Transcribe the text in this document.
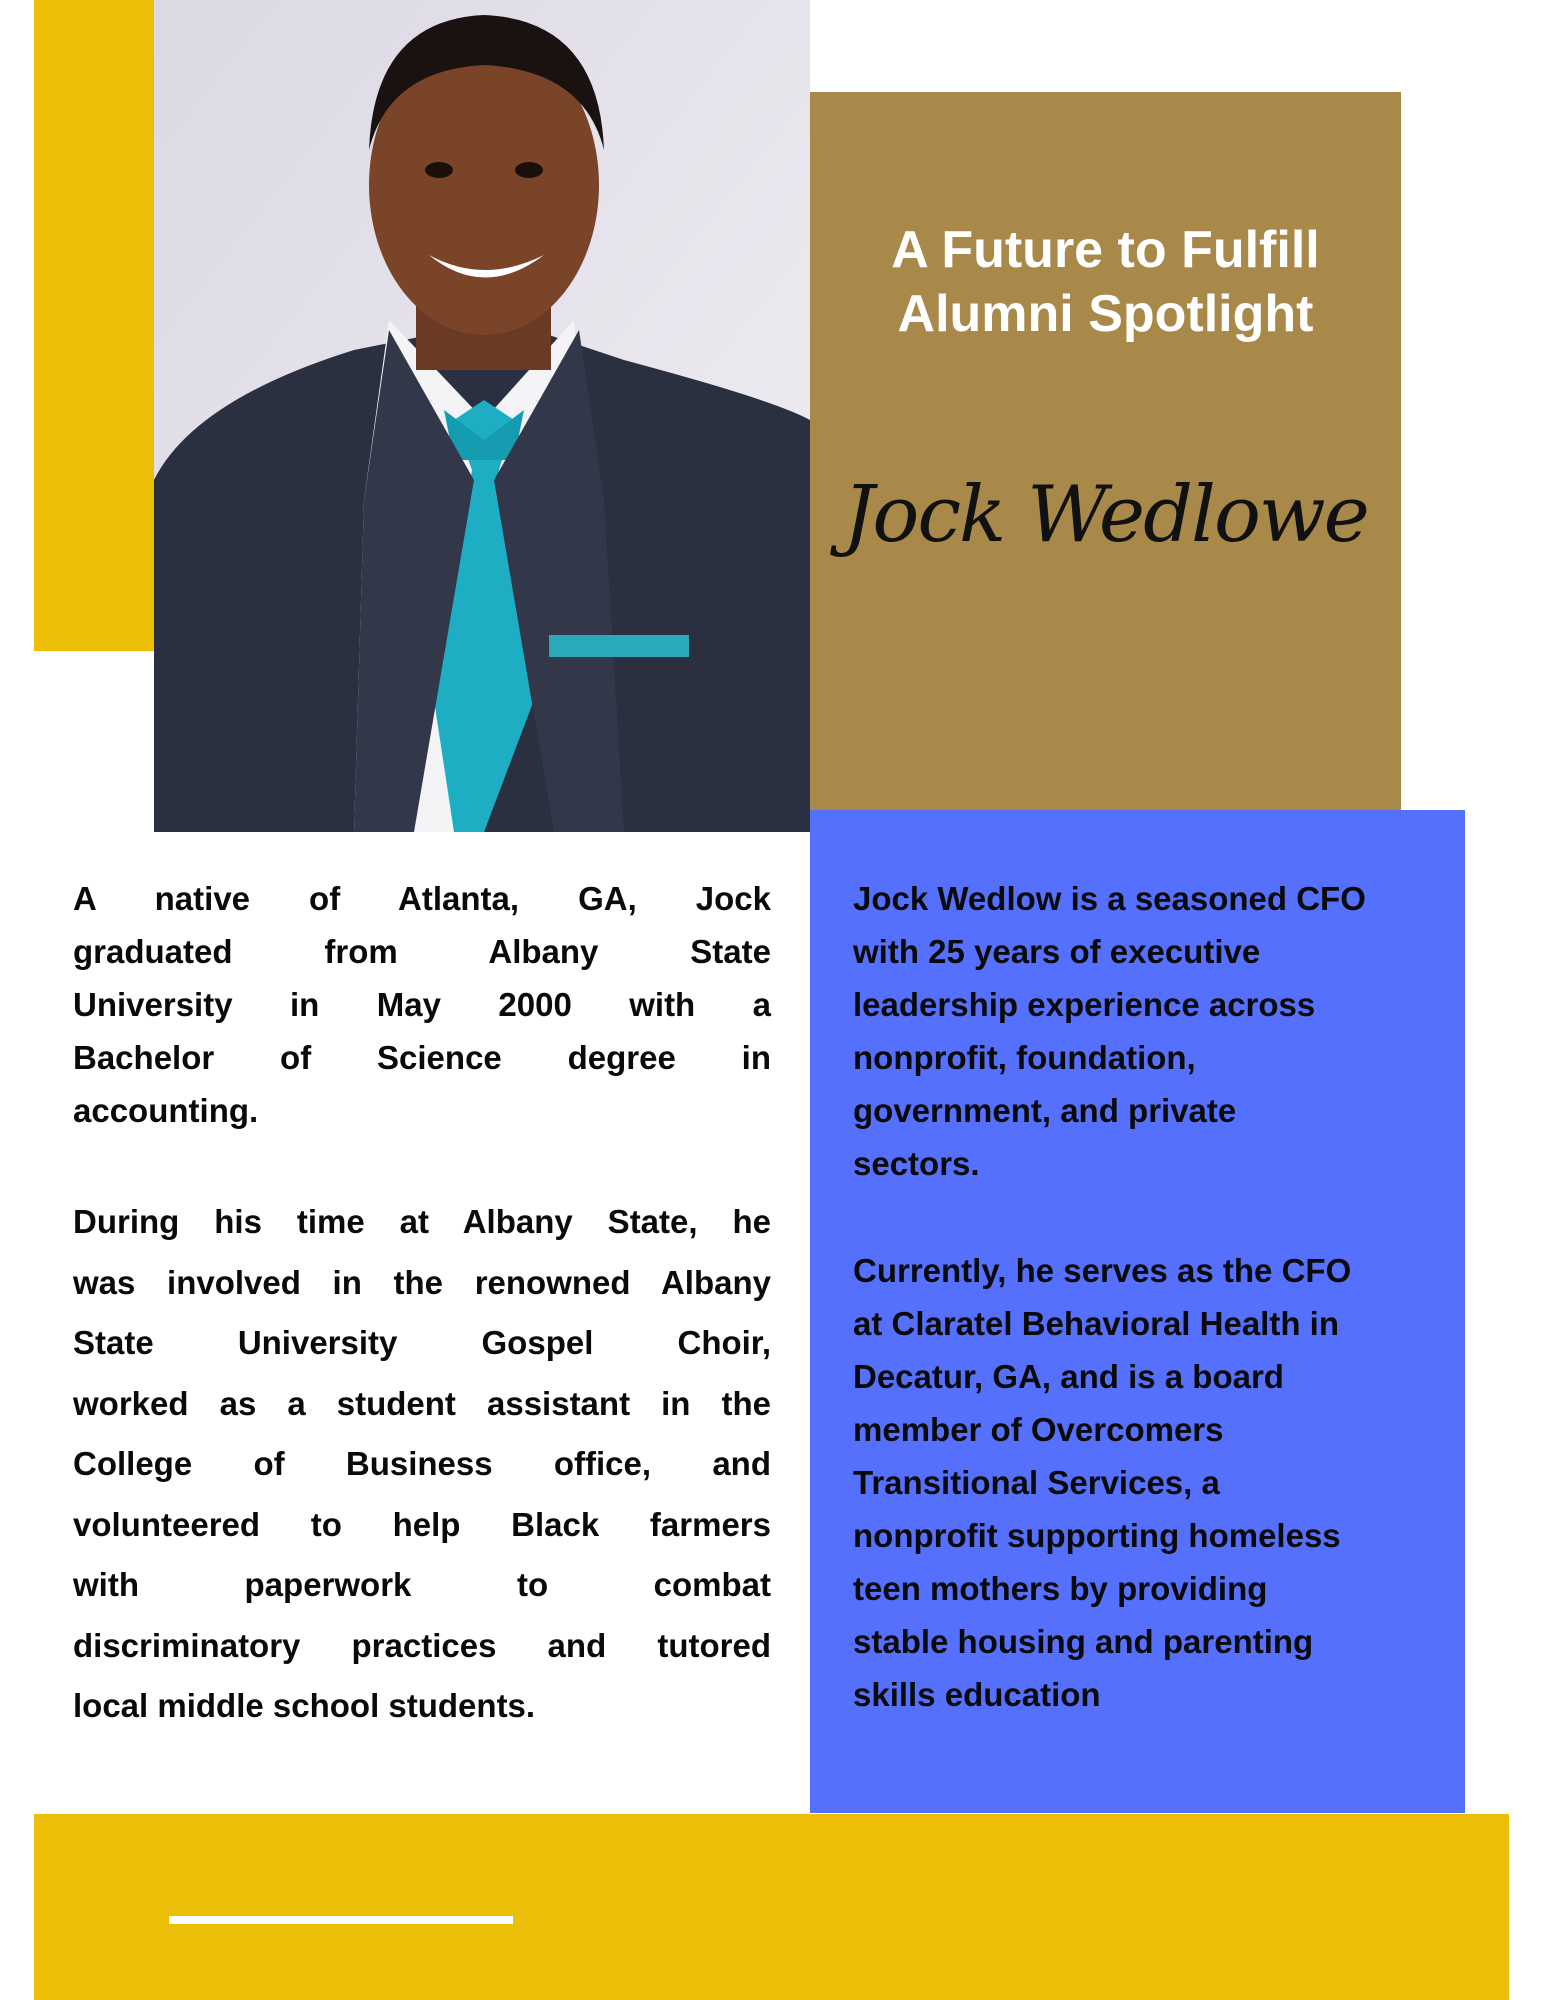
A Future to Fulfill
Alumni Spotlight
Jock Wedlowe
A native of Atlanta, GA, Jock
graduated from Albany State
University in May 2000 with a
Bachelor of Science degree in
accounting.
During his time at Albany State, he
was involved in the renowned Albany
State University Gospel Choir,
worked as a student assistant in the
College of Business office, and
volunteered to help Black farmers
with paperwork to combat
discriminatory practices and tutored
local middle school students.
Jock Wedlow is a seasoned CFO
with 25 years of executive
leadership experience across
nonprofit, foundation,
government, and private
sectors.
Currently, he serves as the CFO
at Claratel Behavioral Health in
Decatur, GA, and is a board
member of Overcomers
Transitional Services, a
nonprofit supporting homeless
teen mothers by providing
stable housing and parenting
skills education
